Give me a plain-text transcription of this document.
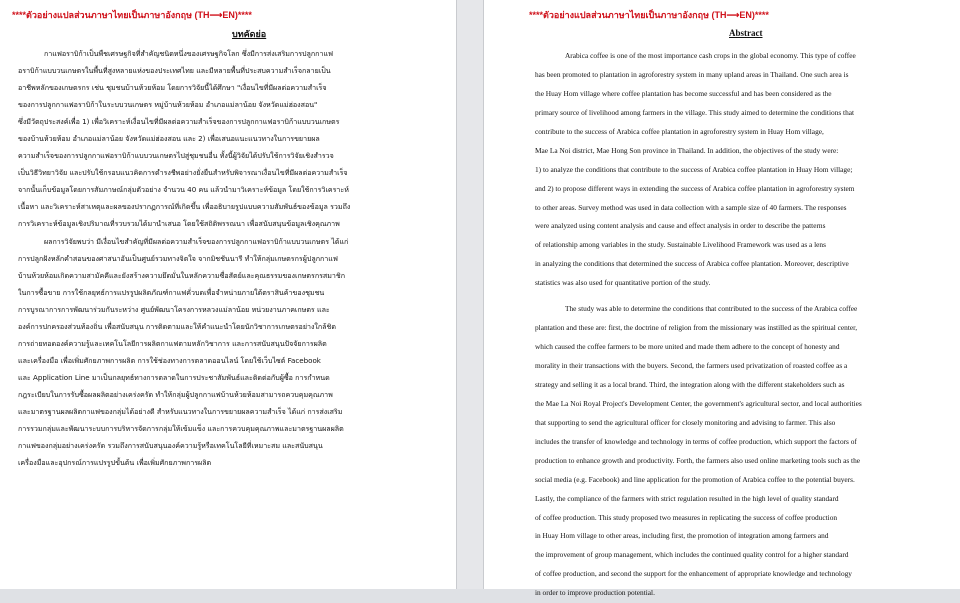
****ตัวอย่างแปลส่วนภาษาไทยเป็นภาษาอังกฤษ (TH⟶EN)****
บทคัดย่อ
กาแฟอราบิก้าเป็นพืชเศรษฐกิจที่สำคัญชนิดหนึ่งของเศรษฐกิจโลก ซึ่งมีการส่งเสริมการปลูกกาแฟ
อราบิก้าแบบวนเกษตรในพื้นที่สูงหลายแห่งของประเทศไทย และมีหลายพื้นที่ประสบความสำเร็จกลายเป็น
อาชีพหลักของเกษตรกร เช่น ชุมชนบ้านห้วยห้อม โดยการวิจัยนี้ได้ศึกษา "เงื่อนไขที่มีผลต่อความสำเร็จ
ของการปลูกกาแฟอราบิก้าในระบบวนเกษตร หมู่บ้านห้วยห้อม อำเภอแม่ลาน้อย จังหวัดแม่ฮ่องสอน"
ซึ่งมีวัตถุประสงค์เพื่อ 1) เพื่อวิเคราะห์เงื่อนไขที่มีผลต่อความสำเร็จของการปลูกกาแฟอราบิก้าแบบวนเกษตร
ของบ้านห้วยห้อม อำเภอแม่ลาน้อย จังหวัดแม่ฮ่องสอน และ 2) เพื่อเสนอแนะแนวทางในการขยายผล
ความสำเร็จของการปลูกกาแฟอราบิก้าแบบวนเกษตรไปสู่ชุมชนอื่น ทั้งนี้ผู้วิจัยได้ปรับใช้การวิจัยเชิงสำรวจ
เป็นวิธีวิทยาวิจัย และปรับใช้กรอบแนวคิดการดำรงชีพอย่างยั่งยืนสำหรับพิจารณาเงื่อนไขที่มีผลต่อความสำเร็จ
จากนั้นเก็บข้อมูลโดยการสัมภาษณ์กลุ่มตัวอย่าง จำนวน 40 คน แล้วนำมาวิเคราะห์ข้อมูล โดยใช้การวิเคราะห์
เนื้อหา และวิเคราะห์สาเหตุและผลของปรากฏการณ์ที่เกิดขึ้น เพื่ออธิบายรูปแบบความสัมพันธ์ของข้อมูล รวมถึง
การวิเคราะห์ข้อมูลเชิงปริมาณที่รวบรวมได้มานำเสนอ โดยใช้สถิติพรรณนา เพื่อสนับสนุนข้อมูลเชิงคุณภาพ
ผลการวิจัยพบว่า มีเงื่อนไขสำคัญที่มีผลต่อความสำเร็จของการปลูกกาแฟอราบิก้าแบบวนเกษตร ได้แก่
การปลูกฝังหลักคำสอนของศาสนาอันเป็นศูนย์รวมทางจิตใจ จากมิชชันนารี ทำให้กลุ่มเกษตรกรผู้ปลูกกาแฟ
บ้านห้วยห้อมเกิดความสามัคคีและยังสร้างความยึดมั่นในหลักความซื่อสัตย์และคุณธรรมของเกษตรกรสมาชิก
ในการซื้อขาย การใช้กลยุทธ์การแปรรูปผลิตภัณฑ์กาแฟคั่วบดเพื่อจำหน่ายภายใต้ตราสินค้าของชุมชน
การบูรณาการการพัฒนาร่วมกันระหว่าง ศูนย์พัฒนาโครงการหลวงแม่ลาน้อย หน่วยงานภาคเกษตร และ
องค์การปกครองส่วนท้องถิ่น เพื่อสนับสนุน การติดตามและให้คำแนะนำโดยนักวิชาการเกษตรอย่างใกล้ชิด
การถ่ายทอดองค์ความรู้และเทคโนโลยีการผลิตกาแฟตามหลักวิชาการ และการสนับสนุนปัจจัยการผลิต
และเครื่องมือ เพื่อเพิ่มศักยภาพการผลิต การใช้ช่องทางการตลาดออนไลน์ โดยใช้เว็บไซต์ Facebook
และ Application Line มาเป็นกลยุทธ์ทางการตลาดในการประชาสัมพันธ์และติดต่อกับผู้ซื้อ การกำหนด
กฎระเบียบในการรับซื้อผลผลิตอย่างเคร่งครัด ทำให้กลุ่มผู้ปลูกกาแฟบ้านห้วยห้อมสามารถควบคุมคุณภาพ
และมาตรฐานผลผลิตกาแฟของกลุ่มได้อย่างดี สำหรับแนวทางในการขยายผลความสำเร็จ ได้แก่ การส่งเสริม
การรวมกลุ่มและพัฒนาระบบการบริหารจัดการกลุ่มให้เข้มแข็ง และการควบคุมคุณภาพและมาตรฐานผลผลิต
กาแฟของกลุ่มอย่างเคร่งครัด รวมถึงการสนับสนุนองค์ความรู้หรือเทคโนโลยีที่เหมาะสม และสนับสนุน
เครื่องมือและอุปกรณ์การแปรรูปขั้นต้น เพื่อเพิ่มศักยภาพการผลิต
****ตัวอย่างแปลส่วนภาษาไทยเป็นภาษาอังกฤษ (TH⟶EN)****
Abstract
Arabica coffee is one of the most importance cash crops in the global economy. This type of coffee
has been promoted to plantation in agroforestry system in many upland areas in Thailand. One such area is
the Huay Hom village where coffee plantation has become successful and has been considered as the
primary source of livelihood among farmers in the village. This study aimed to determine the conditions that
contribute to the success of Arabica coffee plantation in agroforestry system in Huay Hom village,
Mae La Noi district, Mae Hong Son province in Thailand. In addition, the objectives of the study were:
1) to analyze the conditions that contribute to the success of Arabica coffee plantation in Huay Hom village;
and 2) to propose different ways in extending the success of Arabica coffee plantation in agroforestry system
to other areas. Survey method was used in data collection with a sample size of 40 farmers. The responses
were analyzed using content analysis and cause and effect analysis in order to describe the patterns
of relationship among variables in the study. Sustainable Livelihood Framework was used as a lens
in analyzing the conditions that determined the success of Arabica coffee plantation. Moreover, descriptive
statistics was also used for quantitative portion of the study.
The study was able to determine the conditions that contributed to the success of the Arabica coffee
plantation and these are: first, the doctrine of religion from the missionary was instilled as the spiritual center,
which caused the coffee farmers to be more united and made them adhere to the concept of honesty and
morality in their transactions with the buyers. Second, the farmers used privatization of roasted coffee as a
strategy and selling it as a local brand. Third, the integration along with the different stakeholders such as
the Mae La Noi Royal Project's Development Center, the government's agricultural sector, and local authorities
that supporting to send the agricultural officer for closely monitoring and advising to farmer. This also
includes the transfer of knowledge and technology in terms of coffee production, which support the factors of
production to enhance growth and productivity. Forth, the farmers also used online marketing tools such as the
social media (e.g. Facebook) and line application for the promotion of Arabica coffee to the potential buyers.
Lastly, the compliance of the farmers with strict regulation resulted in the high level of quality standard
of coffee production. This study proposed two measures in replicating the success of coffee production
in Huay Hom village to other areas, including first, the promotion of integration among farmers and
the improvement of group management, which includes the continued quality control for a higher standard
of coffee production, and second the support for the enhancement of appropriate knowledge and technology
in order to improve production potential.
